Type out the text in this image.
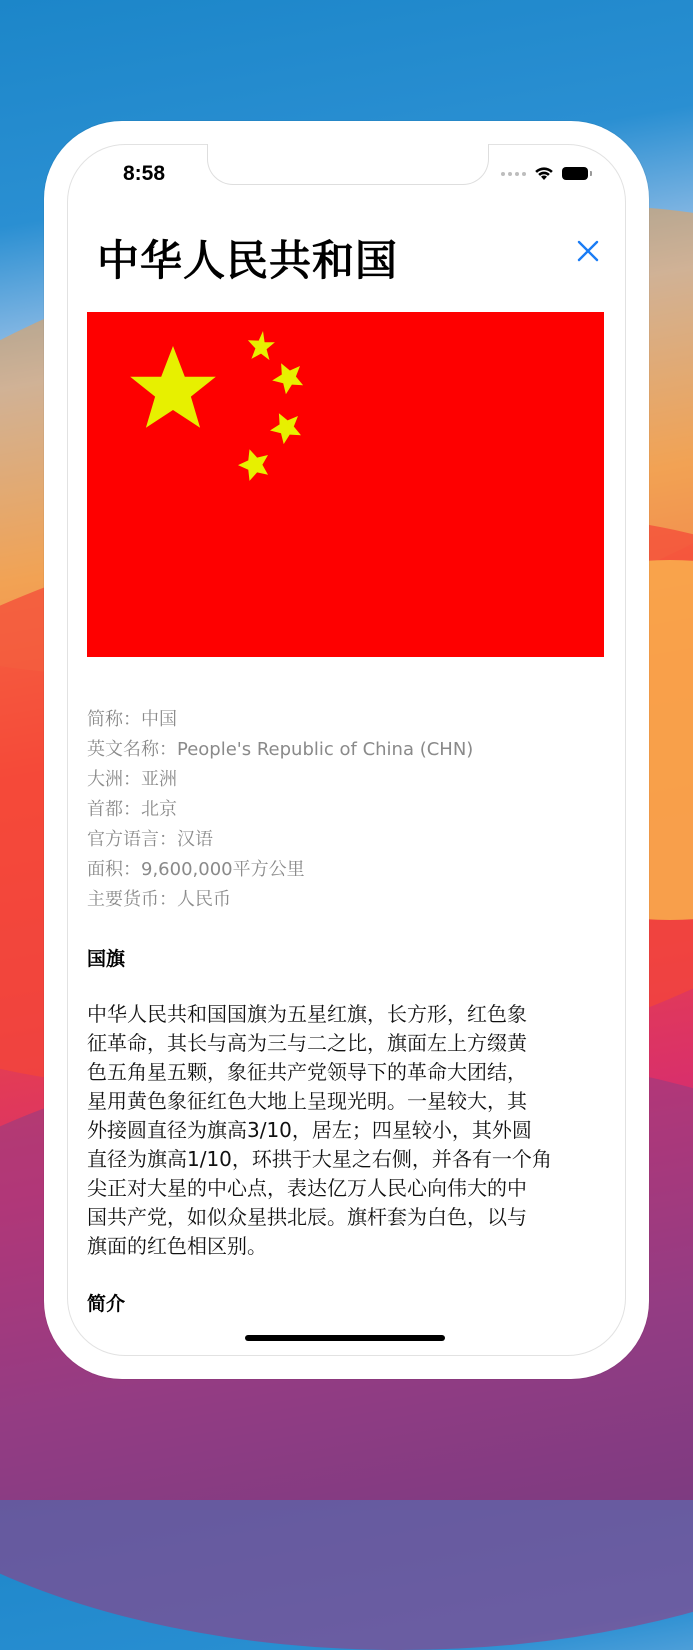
8:58
中华人民共和国
简称：中国
英文名称：People's Republic of China (CHN)
大洲：亚洲
首都：北京
官方语言：汉语
面积：9,600,000平方公里
主要货币：人民币
国旗
中华人民共和国国旗为五星红旗，长方形，红色象
征革命，其长与高为三与二之比，旗面左上方缀黄
色五角星五颗，象征共产党领导下的革命大团结，
星用黄色象征红色大地上呈现光明。一星较大，其
外接圆直径为旗高3/10，居左；四星较小，其外圆
直径为旗高1/10，环拱于大星之右侧，并各有一个角
尖正对大星的中心点，表达亿万人民心向伟大的中
国共产党，如似众星拱北辰。旗杆套为白色，以与
旗面的红色相区别。
简介
